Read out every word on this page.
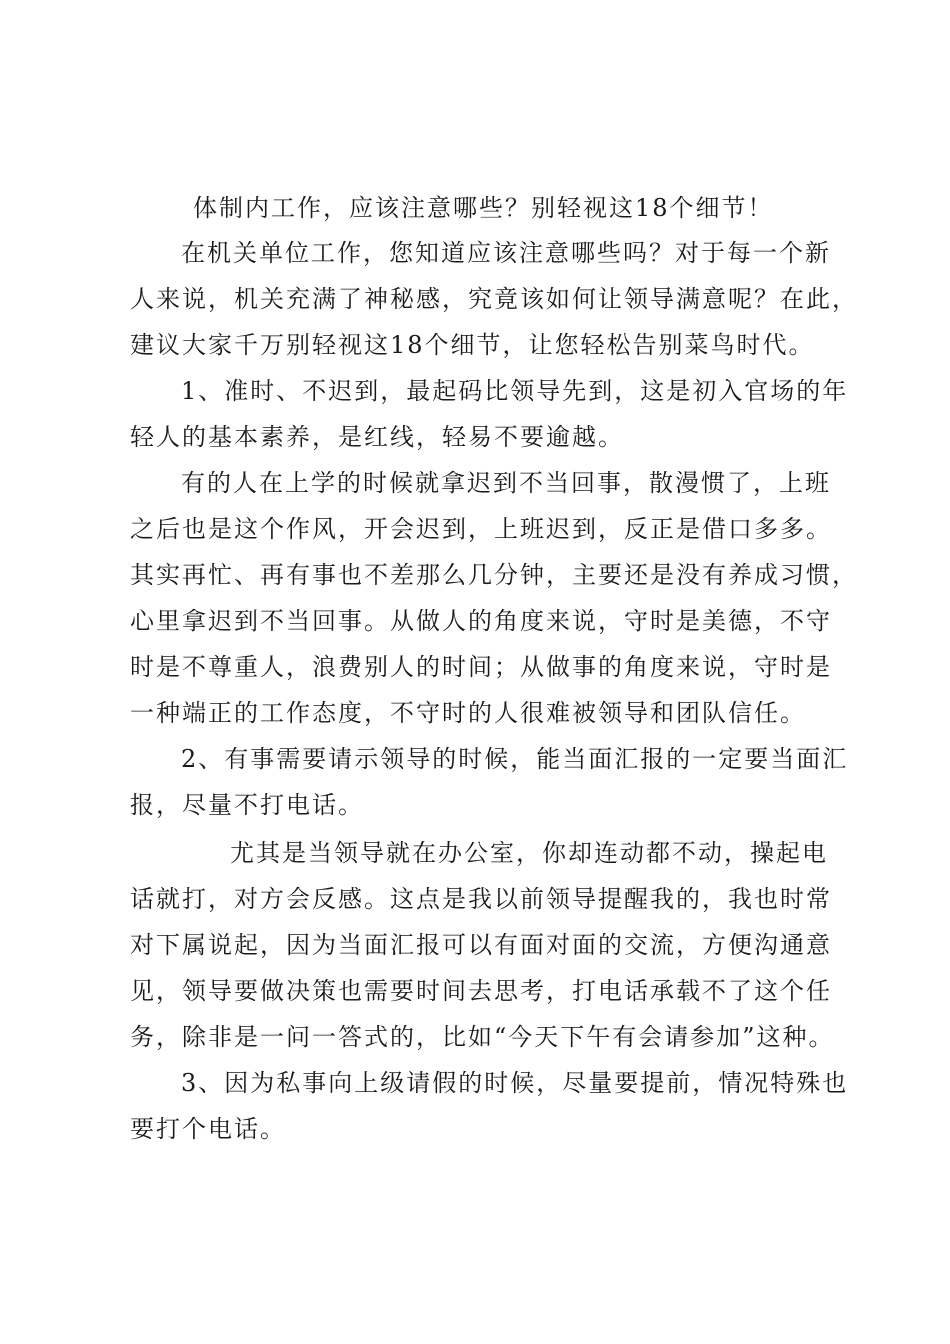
体制内工作，应该注意哪些？别轻视这18个细节！
在机关单位工作，您知道应该注意哪些吗？对于每一个新
人来说，机关充满了神秘感，究竟该如何让领导满意呢？在此，
建议大家千万别轻视这18个细节，让您轻松告别菜鸟时代。
1、准时、不迟到，最起码比领导先到，这是初入官场的年
轻人的基本素养，是红线，轻易不要逾越。
有的人在上学的时候就拿迟到不当回事，散漫惯了，上班
之后也是这个作风，开会迟到，上班迟到，反正是借口多多。
其实再忙、再有事也不差那么几分钟，主要还是没有养成习惯，
心里拿迟到不当回事。从做人的角度来说，守时是美德，不守
时是不尊重人，浪费别人的时间；从做事的角度来说，守时是
一种端正的工作态度，不守时的人很难被领导和团队信任。
2、有事需要请示领导的时候，能当面汇报的一定要当面汇
报，尽量不打电话。
尤其是当领导就在办公室，你却连动都不动，操起电
话就打，对方会反感。这点是我以前领导提醒我的，我也时常
对下属说起，因为当面汇报可以有面对面的交流，方便沟通意
见，领导要做决策也需要时间去思考，打电话承载不了这个任
务，除非是一问一答式的，比如“今天下午有会请参加”这种。
3、因为私事向上级请假的时候，尽量要提前，情况特殊也
要打个电话。
